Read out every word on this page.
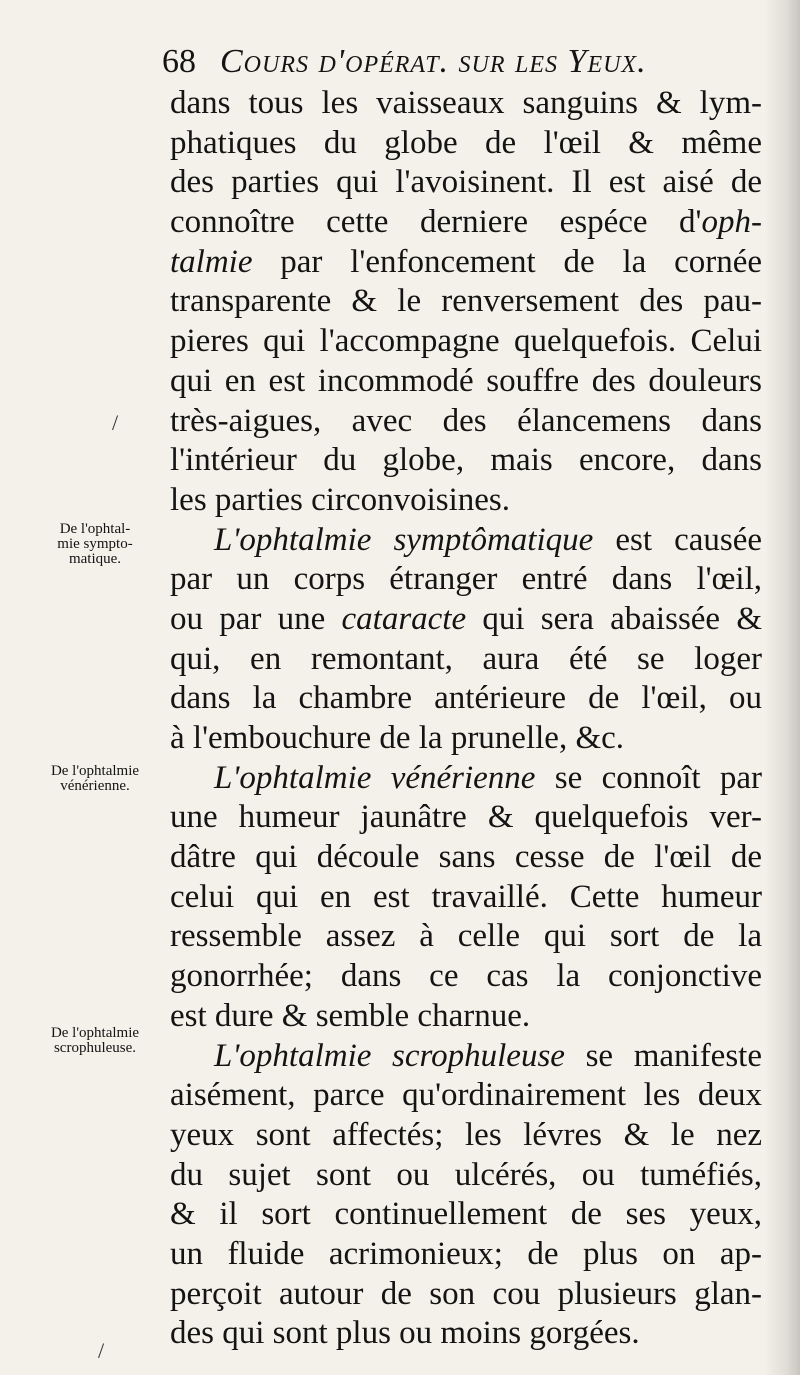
68 Cours d'opérat. sur les Yeux.
dans tous les vaisseaux sanguins & lym-
phatiques du globe de l'œil & même
des parties qui l'avoisinent. Il est aisé de
connoître cette derniere espéce d'oph-
talmie par l'enfoncement de la cornée
transparente & le renversement des pau-
pieres qui l'accompagne quelquefois. Celui
qui en est incommodé souffre des douleurs
très-aigues, avec des élancemens dans
l'intérieur du globe, mais encore, dans
les parties circonvoisines.
L'ophtalmie symptômatique est causée
par un corps étranger entré dans l'œil,
ou par une cataracte qui sera abaissée &
qui, en remontant, aura été se loger
dans la chambre antérieure de l'œil, ou
à l'embouchure de la prunelle, &c.
L'ophtalmie vénérienne se connoît par
une humeur jaunâtre & quelquefois ver-
dâtre qui découle sans cesse de l'œil de
celui qui en est travaillé. Cette humeur
ressemble assez à celle qui sort de la
gonorrhée; dans ce cas la conjonctive
est dure & semble charnue.
L'ophtalmie scrophuleuse se manifeste
aisément, parce qu'ordinairement les deux
yeux sont affectés; les lévres & le nez
du sujet sont ou ulcérés, ou tuméfiés,
& il sort continuellement de ses yeux,
un fluide acrimonieux; de plus on ap-
perçoit autour de son cou plusieurs glan-
des qui sont plus ou moins gorgées.
De l'ophtal-
mie sympto-
matique.
De l'ophtalmie
vénérienne.
De l'ophtalmie
scrophuleuse.
/
/
